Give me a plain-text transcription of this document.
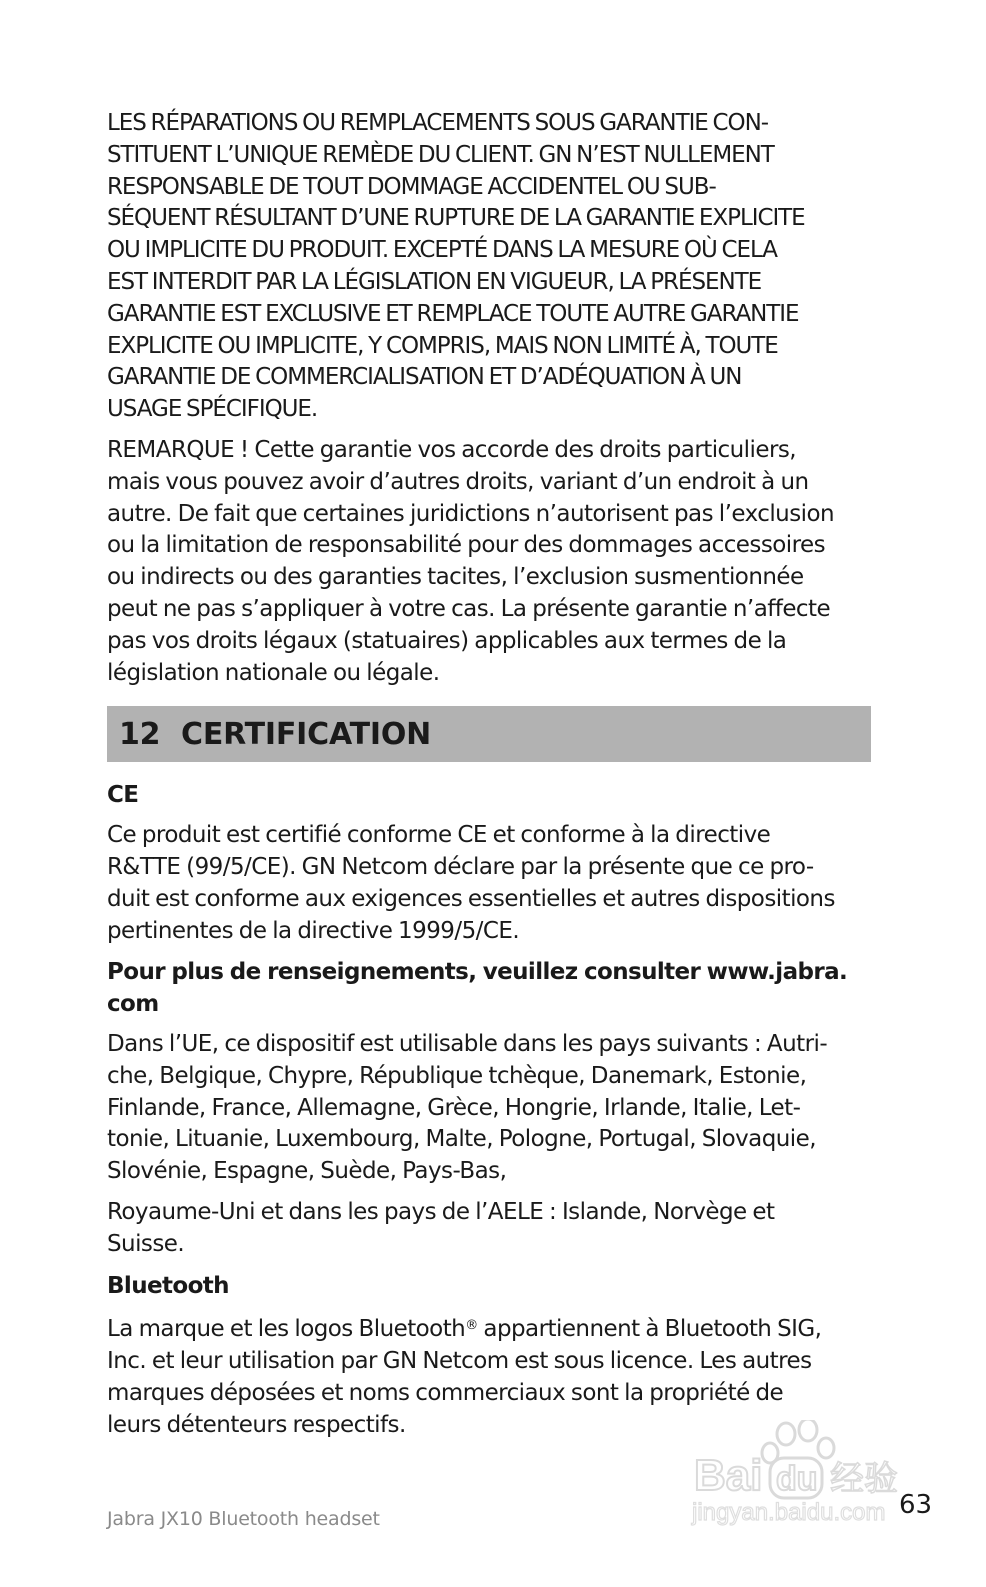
LES RÉPARATIONS OU REMPLACEMENTS SOUS GARANTIE CON-
STITUENT L’UNIQUE REMÈDE DU CLIENT. GN N’EST NULLEMENT
RESPONSABLE DE TOUT DOMMAGE ACCIDENTEL OU SUB-
SÉQUENT RÉSULTANT D’UNE RUPTURE DE LA GARANTIE EXPLICITE
OU IMPLICITE DU PRODUIT. EXCEPTÉ DANS LA MESURE OÙ CELA
EST INTERDIT PAR LA LÉGISLATION EN VIGUEUR, LA PRÉSENTE
GARANTIE EST EXCLUSIVE ET REMPLACE TOUTE AUTRE GARANTIE
EXPLICITE OU IMPLICITE, Y COMPRIS, MAIS NON LIMITÉ À, TOUTE
GARANTIE DE COMMERCIALISATION ET D’ADÉQUATION À UN
USAGE SPÉCIFIQUE.

REMARQUE ! Cette garantie vos accorde des droits particuliers,
mais vous pouvez avoir d’autres droits, variant d’un endroit à un
autre. De fait que certaines juridictions n’autorisent pas l’exclusion
ou la limitation de responsabilité pour des dommages accessoires
ou indirects ou des garanties tacites, l’exclusion susmentionnée
peut ne pas s’appliquer à votre cas. La présente garantie n’affecte
pas vos droits légaux (statuaires) applicables aux termes de la
législation nationale ou légale.

12 CERTIFICATION

CE

Ce produit est certifié conforme CE et conforme à la directive
R&TTE (99/5/CE). GN Netcom déclare par la présente que ce pro-
duit est conforme aux exigences essentielles et autres dispositions
pertinentes de la directive 1999/5/CE.

Pour plus de renseignements, veuillez consulter www.jabra.
com

Dans l’UE, ce dispositif est utilisable dans les pays suivants : Autri-
che, Belgique, Chypre, République tchèque, Danemark, Estonie,
Finlande, France, Allemagne, Grèce, Hongrie, Irlande, Italie, Let-
tonie, Lituanie, Luxembourg, Malte, Pologne, Portugal, Slovaquie,
Slovénie, Espagne, Suède, Pays-Bas,

Royaume-Uni et dans les pays de l’AELE : Islande, Norvège et
Suisse.

Bluetooth

La marque et les logos Bluetooth® appartiennent à Bluetooth SIG,
Inc. et leur utilisation par GN Netcom est sous licence. Les autres
marques déposées et noms commerciaux sont la propriété de
leurs détenteurs respectifs.

Bai du 经验
jingyan.baidu.com
Jabra JX10 Bluetooth headset	63
